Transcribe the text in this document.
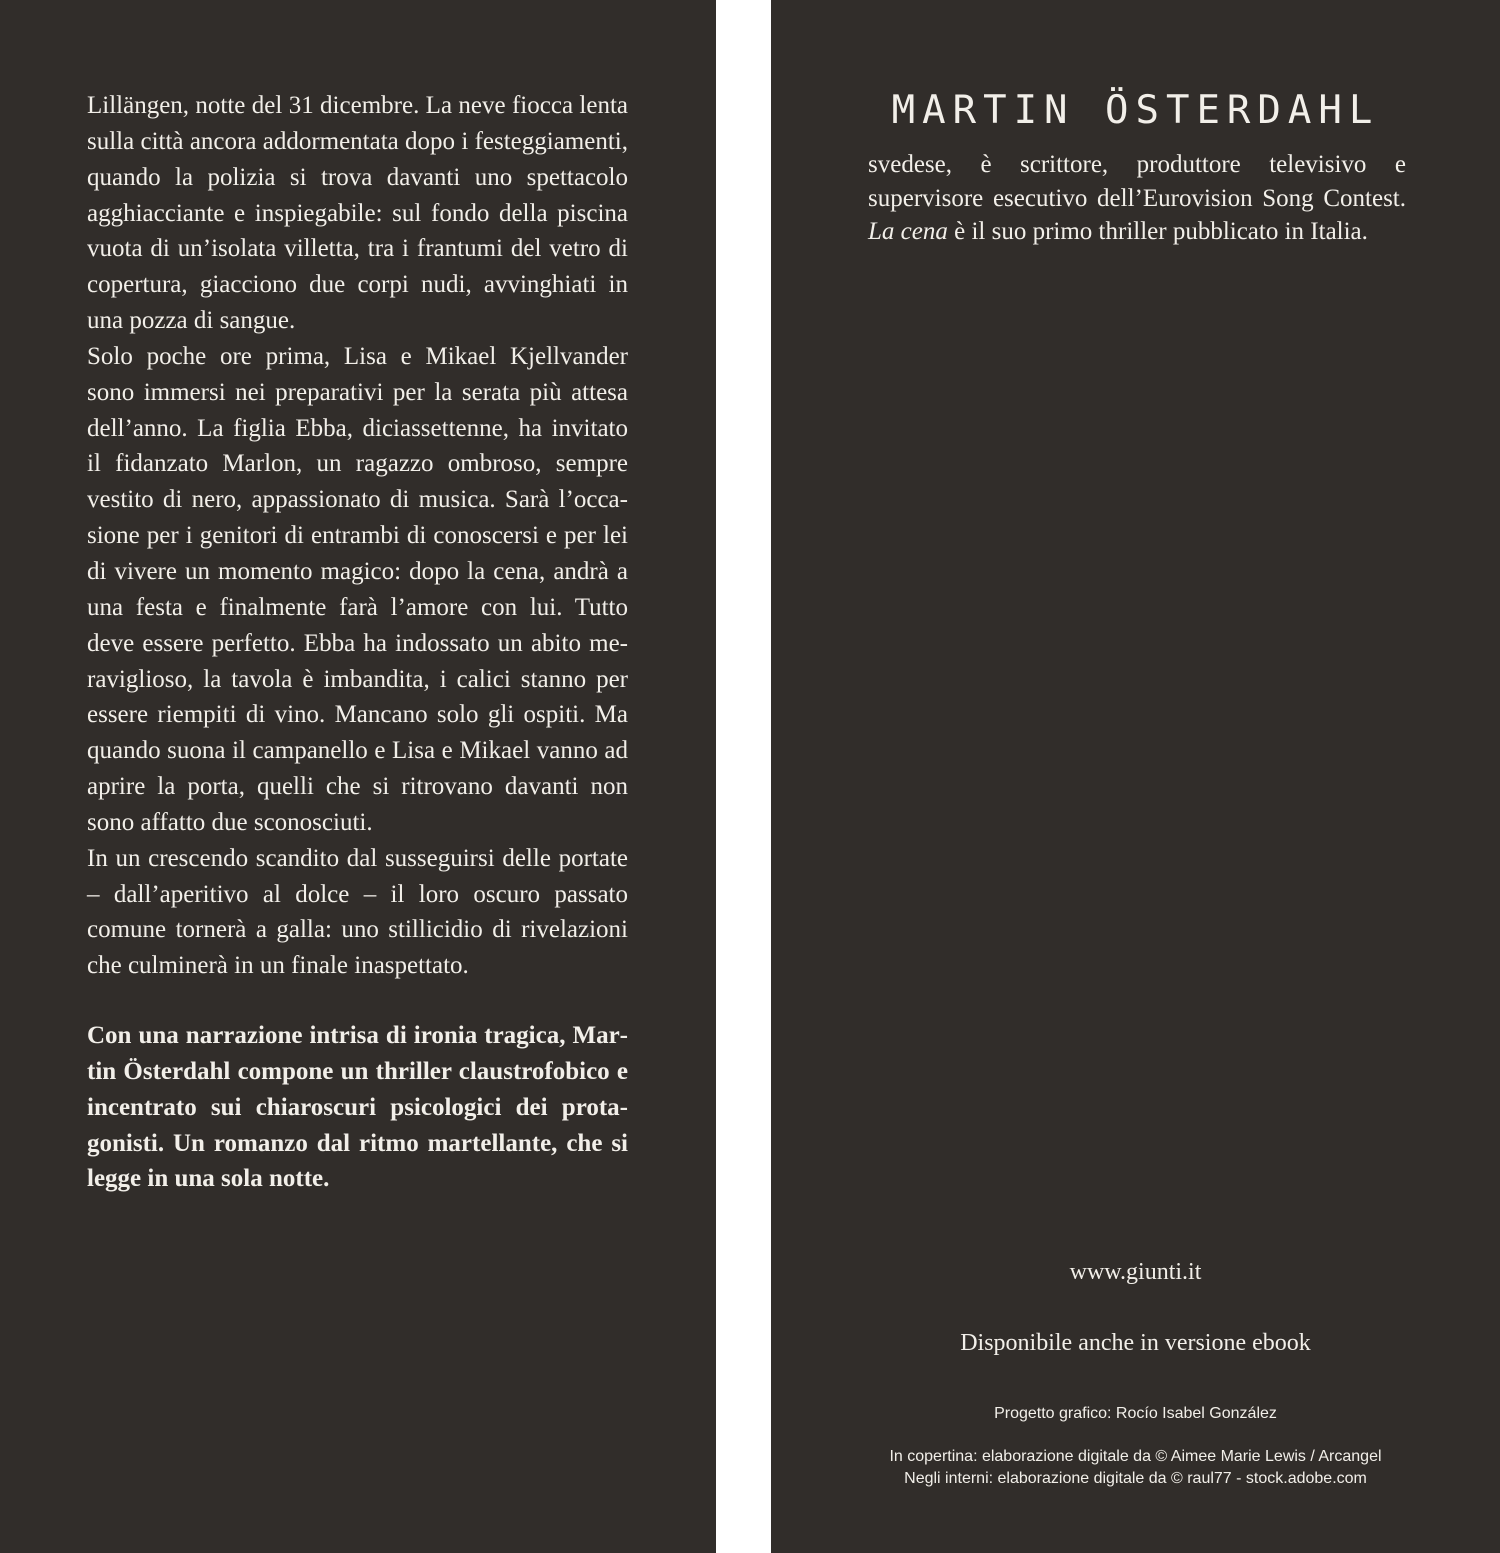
Lillängen, notte del 31 dicembre. La neve fiocca lenta sulla città ancora addormentata dopo i festeggiamenti, quando la polizia si trova davanti uno spettacolo agghiacciante e inspiegabile: sul fondo della piscina vuota di un’isolata villetta, tra i frantumi del vetro di copertura, giacciono due corpi nudi, avvinghiati in una pozza di sangue.

Solo poche ore prima, Lisa e Mikael Kjellvander sono immersi nei preparativi per la serata più attesa dell’anno. La figlia Ebba, diciassettenne, ha invitato il fidanzato Marlon, un ragazzo ombroso, sempre vestito di nero, appassionato di musica. Sarà l’occasione per i genitori di entrambi di conoscersi e per lei di vivere un momento magico: dopo la cena, andrà a una festa e finalmente farà l’amore con lui. Tutto deve essere perfetto. Ebba ha indossato un abito meraviglioso, la tavola è imbandita, i calici stanno per essere riempiti di vino. Mancano solo gli ospiti. Ma quando suona il campanello e Lisa e Mikael vanno ad aprire la porta, quelli che si ritrovano davanti non sono affatto due sconosciuti.

In un crescendo scandito dal susseguirsi delle portate – dall’aperitivo al dolce – il loro oscuro passato comune tornerà a galla: uno stillicidio di rivelazioni che culminerà in un finale inaspettato.

Con una narrazione intrisa di ironia tragica, Martin Österdahl compone un thriller claustrofobico e incentrato sui chiaroscuri psicologici dei protagonisti. Un romanzo dal ritmo martellante, che si legge in una sola notte.

MARTIN ÖSTERDAHL

svedese, è scrittore, produttore televisivo e supervisore esecutivo dell’Eurovision Song Contest. La cena è il suo primo thriller pubblicato in Italia.

www.giunti.it
Disponibile anche in versione ebook
Progetto grafico: Rocío Isabel González
In copertina: elaborazione digitale da © Aimee Marie Lewis / Arcangel
Negli interni: elaborazione digitale da © raul77 - stock.adobe.com
